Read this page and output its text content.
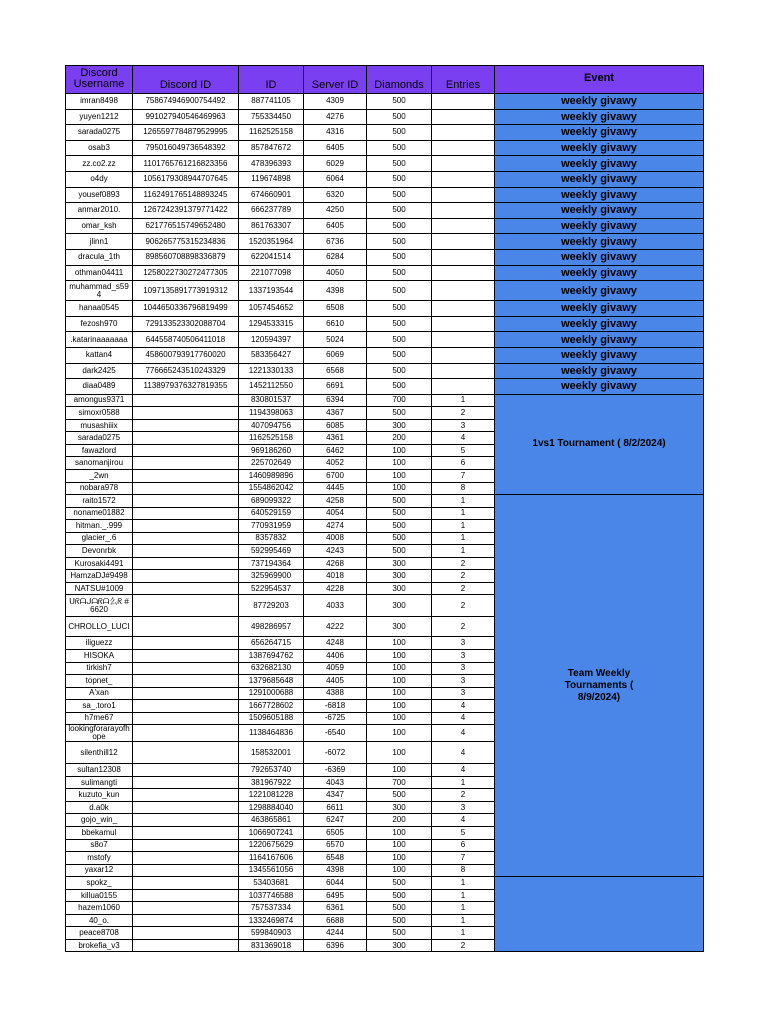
Discord Username	Discord ID	ID	Server ID	Diamonds	Entries	Event
imran8498	758674946900754492	887741105	4309	500		weekly givawy
yuyen1212	991027940546469963	755334450	4276	500		weekly givawy
sarada0275	1265597784879529995	1162525158	4316	500		weekly givawy
osab3	795016049736548392	857847672	6405	500		weekly givawy
zz.co2.zz	1101765761216823356	478396393	6029	500		weekly givawy
o4dy	1056179308944707645	119674898	6064	500		weekly givawy
yousef0893	1162491765148893245	674660901	6320	500		weekly givawy
anmar2010.	1267242391379771422	666237789	4250	500		weekly givawy
omar_ksh	621776515749652480	861763307	6405	500		weekly givawy
jlinn1	906265775315234836	1520351964	6736	500		weekly givawy
dracula_1th	898560708898336879	622041514	6284	500		weekly givawy
othman04411	1258022730272477305	221077098	4050	500		weekly givawy
muhammad_s594	1097135891773919312	1337193544	4398	500		weekly givawy
hanaa0545	1044650336796819499	1057454652	6508	500		weekly givawy
fezosh970	729133523302088704	1294533315	6610	500		weekly givawy
.katarinaaaaaaa	644558740506411018	120594397	5024	500		weekly givawy
kattan4	458600793917760020	583356427	6069	500		weekly givawy
dark2425	776665243510243329	1221330133	6568	500		weekly givawy
diaa0489	1138979376327819355	1452112550	6691	500		weekly givawy
amongus9371		830801537	6394	700	1	1vs1 Tournament ( 8/2/2024)
simoxr0588		1194398063	4367	500	2	
musashiiix		407094756	6085	300	3	
sarada0275		1162525158	4361	200	4	
fawazlord		969186260	6462	100	5	
sanomanjirou		225702649	4052	100	6	
_2wn		1460989896	6700	100	7	
nobara978		1554862042	4445	100	8	
raito1572		689099322	4258	500	1	Team Weekly Tournaments ( 8/9/2024)

noname01882		640529159	4054	500	1	
hitman._.999		770931959	4274	500	1	
glacier_.6		8357832	4008	500	1	
Devonrbk		592995469	4243	500	1	
Kurosaki4491		737194364	4268	300	2	
HamzaDJ#9498		325969900	4018	300	2	
NATSU#1009		522954537	4228	300	2	
ᑌᖇᗩᒍᗩᖇᗩ么ᖇ #6620		87729203	4033	300	2	
CHROLLO_LUCI		498286957	4222	300	2	
iliguezz		656264715	4248	100	3	
HISOKA		1387694762	4406	100	3	
tirkish7		632682130	4059	100	3	
topnet_		1379685648	4405	100	3	
A'xan		1291000688	4388	100	3	
sa_.toro1		1667728602	-6818	100	4	
h7me67		1509605188	-6725	100	4	
lookingforarayofhope		1138464836	-6540	100	4	
silenthill12		158532001	-6072	100	4	
sultan12308		792653740	-6369	100	4	
sulimangti		381967922	4043	700	1	
kuzuto_kun		1221081228	4347	500	2	
d.a0k		1298884040	6611	300	3	
gojo_win_		463865861	6247	200	4	
bbekamul		1066907241	6505	100	5	
s8o7		1220675629	6570	100	6	
mstofy		1164167606	6548	100	7	
yaxar12		1345561056	4398	100	8	
spokz_		53403681	6044	500	1	
killua0155		1037746588	6495	500	1	
hazem1060		757537334	6361	500	1	
40_o.		1332469874	6688	500	1	
peace8708		599840903	4244	500	1	
brokefia_v3		831369018	6396	300	2	
